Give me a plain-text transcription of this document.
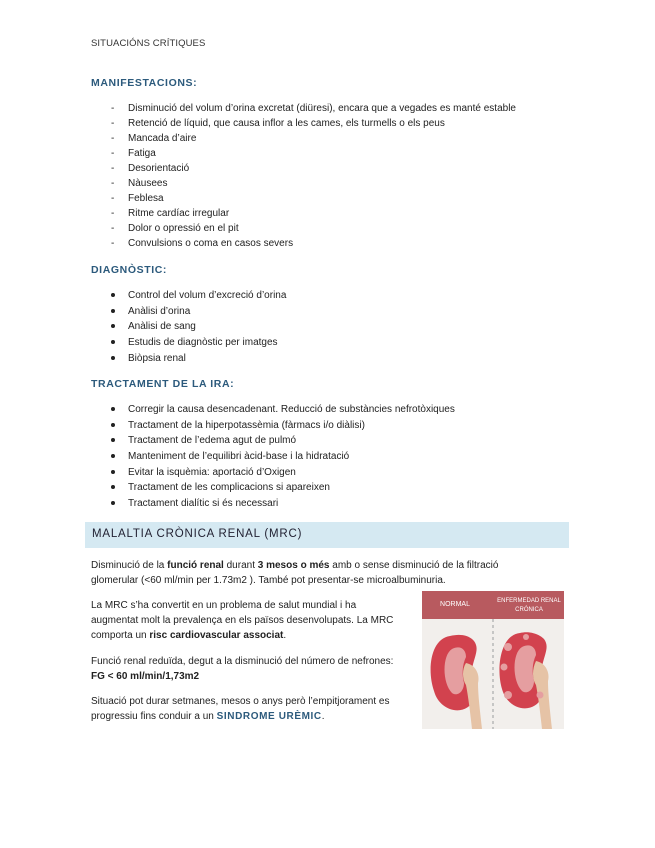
SITUACIÓNS CRÍTIQUES
MANIFESTACIONS:
- Disminució del volum d’orina excretat (diüresi), encara que a vegades es manté estable
- Retenció de líquid, que causa inflor a les cames, els turmells o els peus
- Mancada d’aire
- Fatiga
- Desorientació
- Nàusees
- Feblesa
- Ritme cardíac irregular
- Dolor o opressió en el pit
- Convulsions o coma en casos severs
DIAGNÒSTIC:
Control del volum d’excreció d’orina
Anàlisi d’orina
Anàlisi de sang
Estudis de diagnòstic per imatges
Biòpsia renal
TRACTAMENT DE LA IRA:
Corregir la causa desencadenant. Reducció de substàncies nefrotòxiques
Tractament de la hiperpotassèmia (fàrmacs i/o diàlisi)
Tractament de l’edema agut de pulmó
Manteniment de l’equilibri àcid-base i la hidratació
Evitar la isquèmia: aportació d’Oxigen
Tractament de les complicacions si apareixen
Tractament dialític si és necessari
MALALTIA CRÒNICA RENAL (MRC)
Disminució de la funció renal durant 3 mesos o més amb o sense disminució de la filtració
glomerular (<60 ml/min per 1.73m2 ). També pot presentar-se microalbuminuria.
La MRC s’ha convertit en un problema de salut mundial i ha
augmentat molt la prevalença en els països desenvolupats. La MRC
comporta un risc cardiovascular associat.
Funció renal reduïda, degut a la disminució del número de nefrones:
FG < 60 ml/min/1,73m2
Situació pot durar setmanes, mesos o anys però l’empitjorament es
progressiu fins conduir a un SINDROME URÈMIC.
NORMAL	ENFERMEDAD RENAL
CRÓNICA
